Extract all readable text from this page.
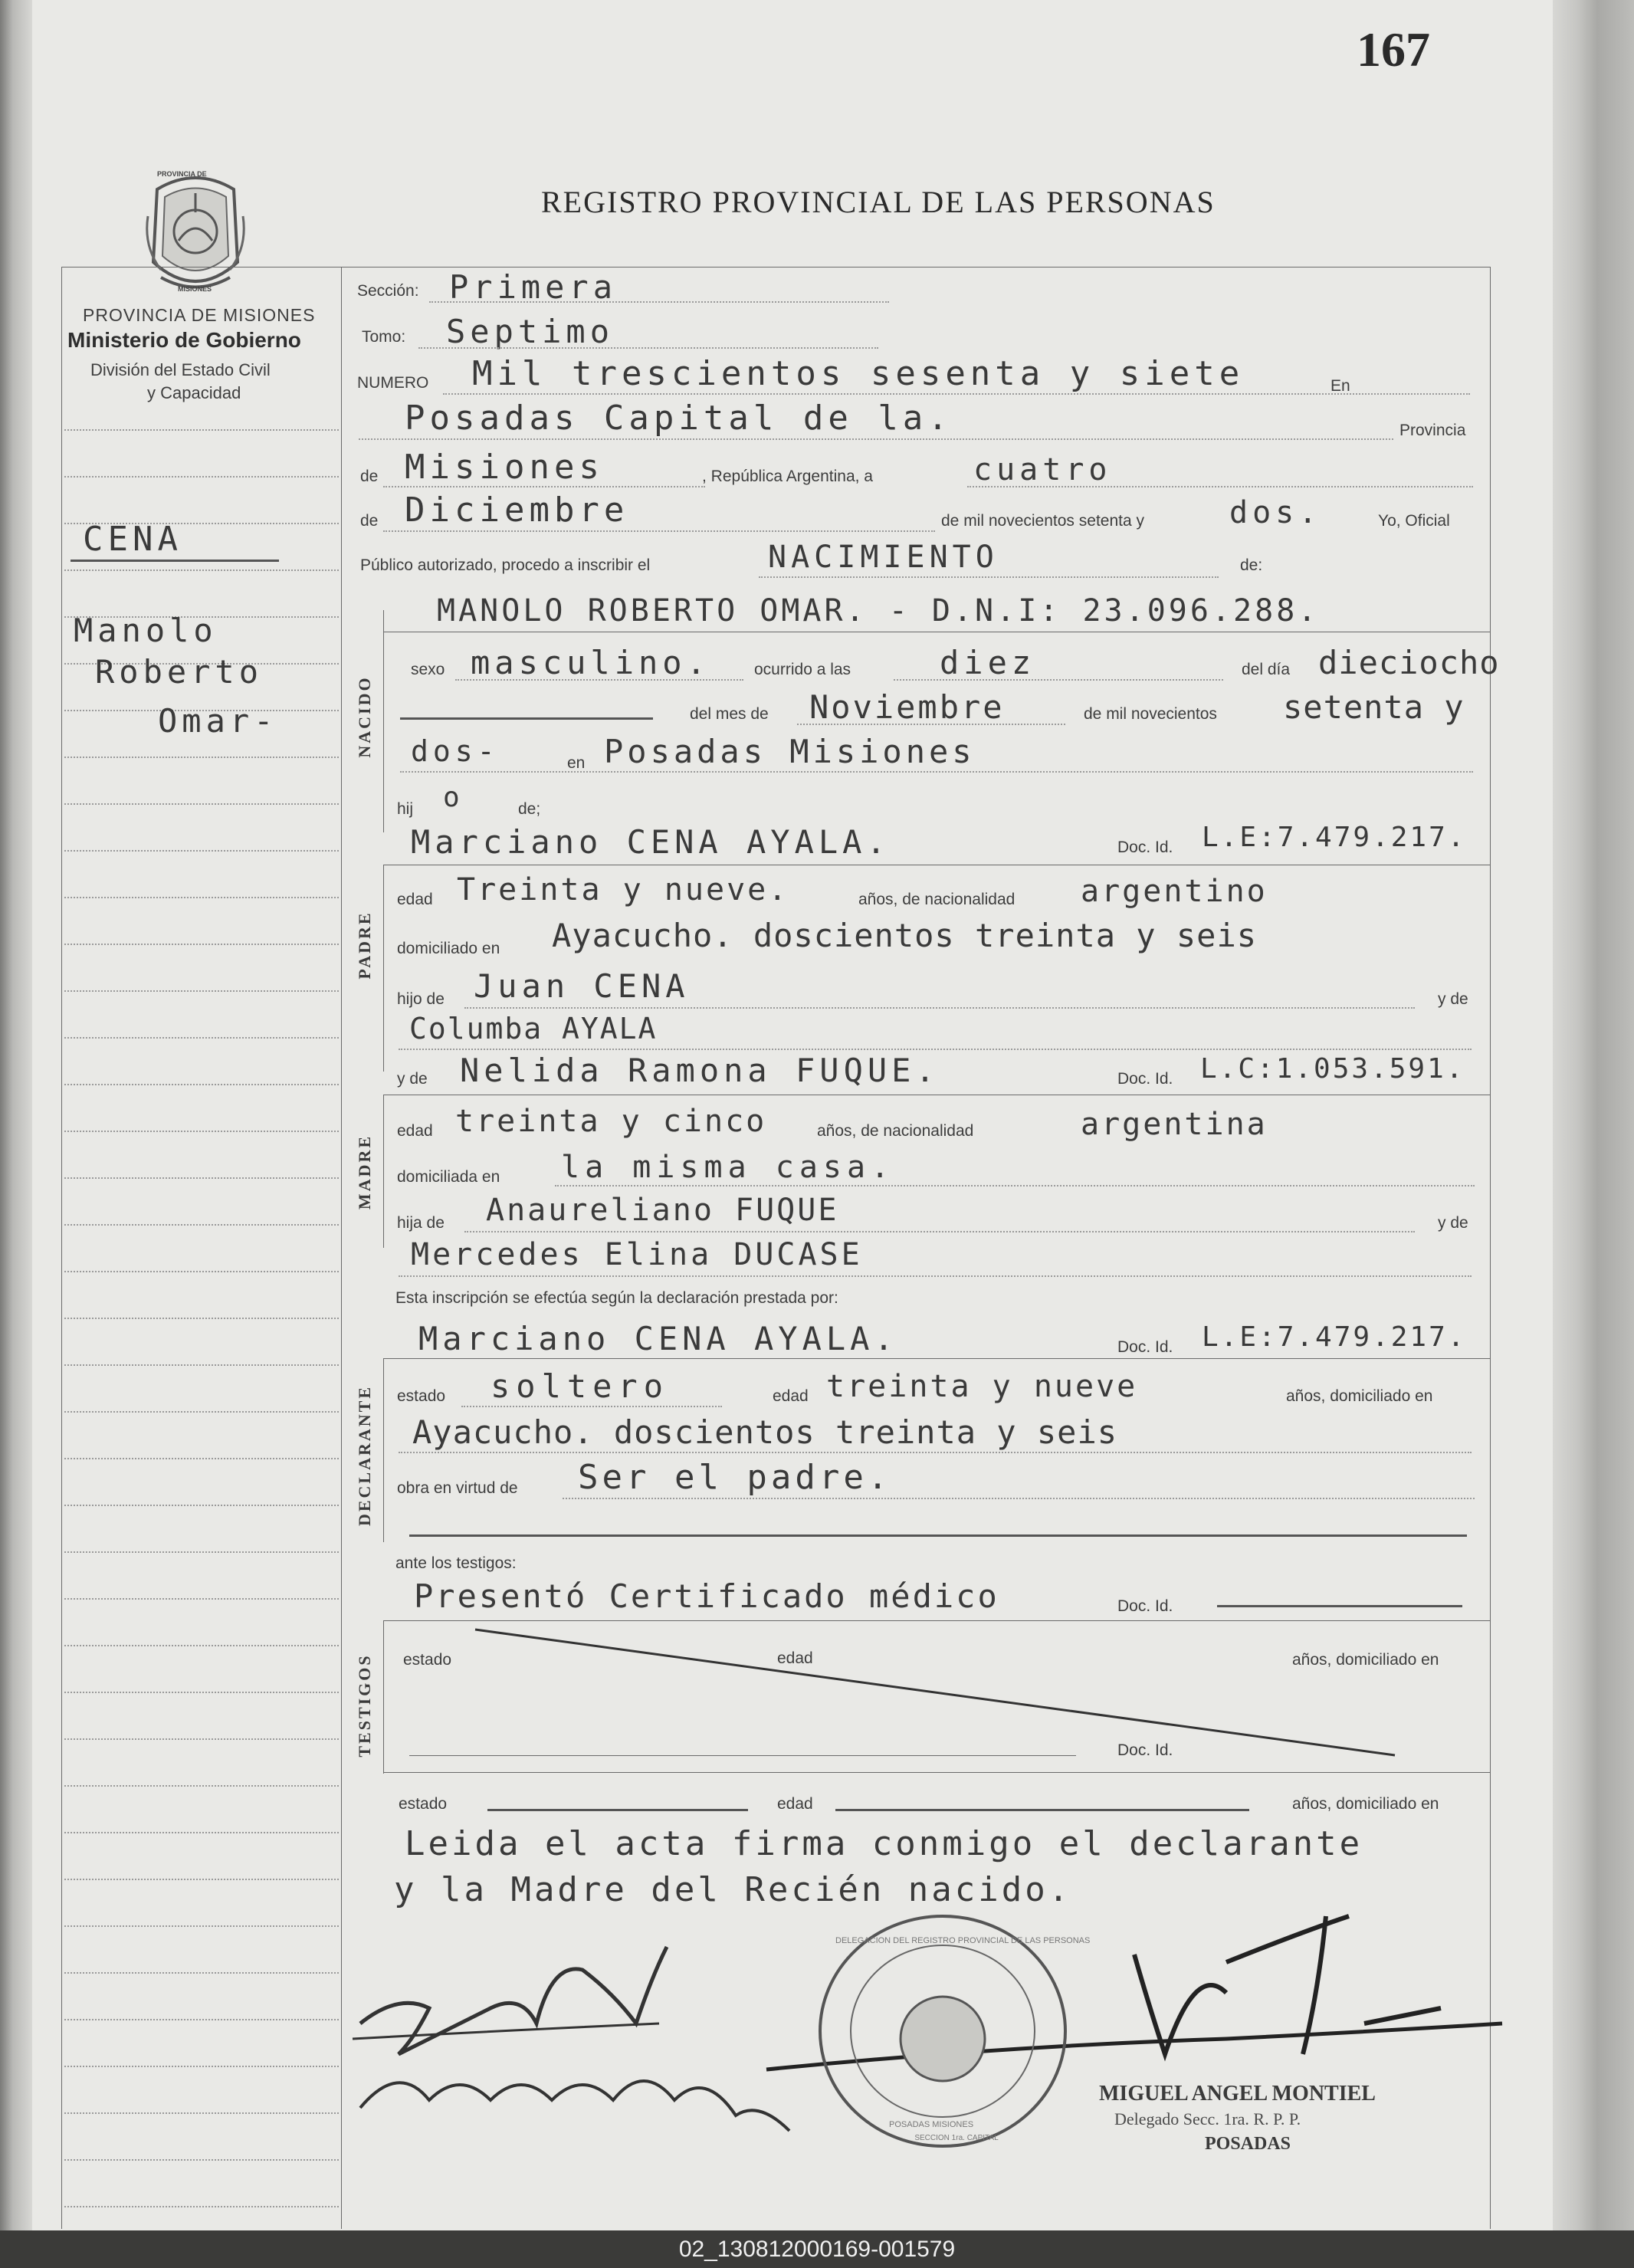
167
REGISTRO PROVINCIAL DE LAS PERSONAS
PROVINCIA DE
MISIONES
PROVINCIA DE MISIONES
Ministerio de Gobierno
División del Estado Civil
y Capacidad
CENA
Manolo
Roberto
Omar-
Sección: Primera
Tomo: Septimo
NUMERO Mil trescientos sesenta y siete	En
Posadas Capital de la.	Provincia
de Misiones	, República Argentina, a	cuatro
de Diciembre	de mil novecientos setenta y	dos.	Yo, Oficial
Público autorizado, procedo a inscribir el	NACIMIENTO	de:
NACIDO
MANOLO ROBERTO OMAR. - D.N.I: 23.096.288.
sexo masculino.	ocurrido a las	diez	del día dieciocho
del mes de Noviembre	de mil novecientos setenta y
dos-	en Posadas Misiones
hij o	de;
Marciano CENA AYALA.	Doc. Id. L.E:7.479.217.
PADRE
edad Treinta y nueve.	años, de nacionalidad argentino
domiciliado en Ayacucho. doscientos treinta y seis
hijo de Juan CENA	y de
Columba AYALA
y de Nelida Ramona FUQUE.	Doc. Id. L.C:1.053.591.
MADRE
edad treinta y cinco	años, de nacionalidad	argentina
domiciliada en la misma casa.
hija de Anaureliano FUQUE	y de
Mercedes Elina DUCASE
Esta inscripción se efectúa según la declaración prestada por:
Marciano CENA AYALA.	Doc. Id. L.E:7.479.217.
DECLARANTE estado soltero	edad treinta y nueve	años, domiciliado en
Ayacucho. doscientos treinta y seis
obra en virtud de Ser el padre.
ante los testigos:
Presentó Certificado médico	Doc. Id.
TESTIGOS estado	edad	años, domiciliado en
Doc. Id.
estado	edad	años, domiciliado en
Leida el acta firma conmigo el declarante
y la Madre del Recién nacido.
SECCION 1ra. CAPITAL
DELEGACION DEL REGISTRO PROVINCIAL DE LAS PERSONAS
POSADAS MISIONES
MIGUEL ANGEL MONTIEL
Delegado Secc. 1ra. R. P. P.
POSADAS
02_130812000169-001579
